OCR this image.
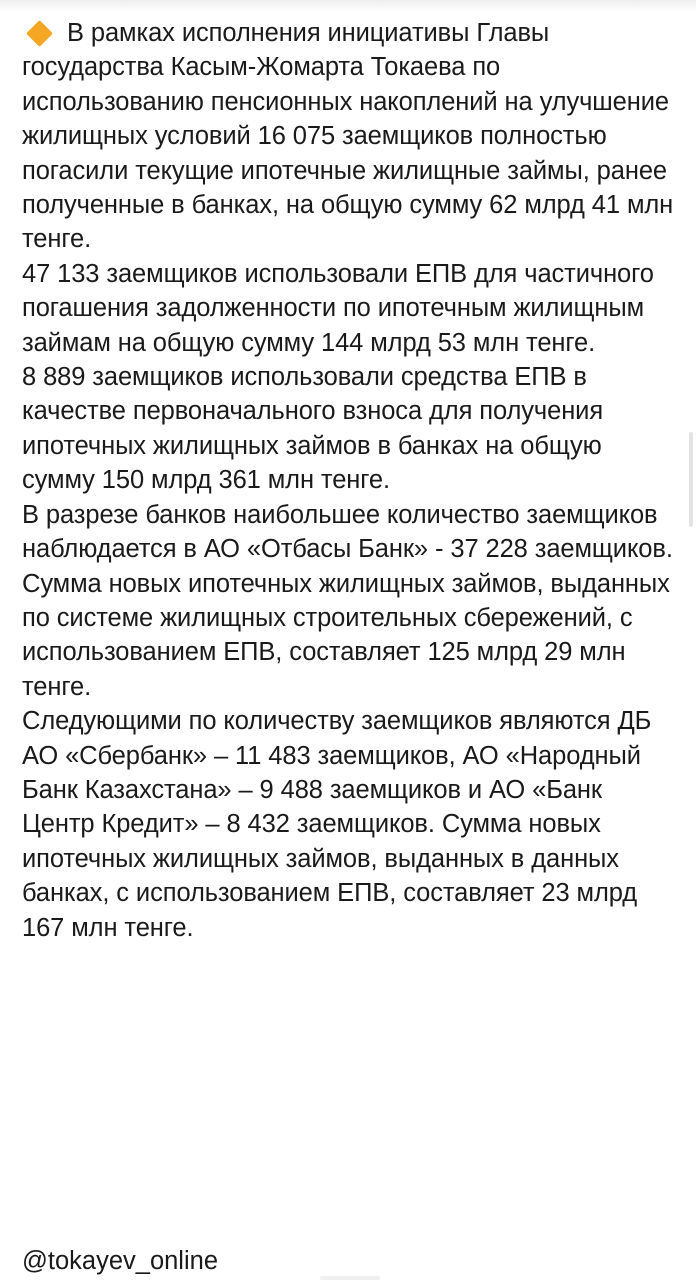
В рамках исполнения инициативы Главы государства Касым-Жомарта Токаева по использованию пенсионных накоплений на улучшение жилищных условий 16 075 заемщиков полностью погасили текущие ипотечные жилищные займы, ранее полученные в банках, на общую сумму 62 млрд 41 млн тенге.

47 133 заемщиков использовали ЕПВ для частичного погашения задолженности по ипотечным жилищным займам на общую сумму 144 млрд 53 млн тенге.

8 889 заемщиков использовали средства ЕПВ в качестве первоначального взноса для получения ипотечных жилищных займов в банках на общую сумму 150 млрд 361 млн тенге.

В разрезе банков наибольшее количество заемщиков наблюдается в АО «Отбасы Банк» - 37 228 заемщиков. Сумма новых ипотечных жилищных займов, выданных по системе жилищных строительных сбережений, с использованием ЕПВ, составляет 125 млрд 29 млн тенге.

Следующими по количеству заемщиков являются ДБ АО «Сбербанк» – 11 483 заемщиков, АО «Народный Банк Казахстана» – 9 488 заемщиков и АО «Банк Центр Кредит» – 8 432 заемщиков. Сумма новых ипотечных жилищных займов, выданных в данных банках, с использованием ЕПВ, составляет 23 млрд 167 млн тенге.

@tokayev_online
